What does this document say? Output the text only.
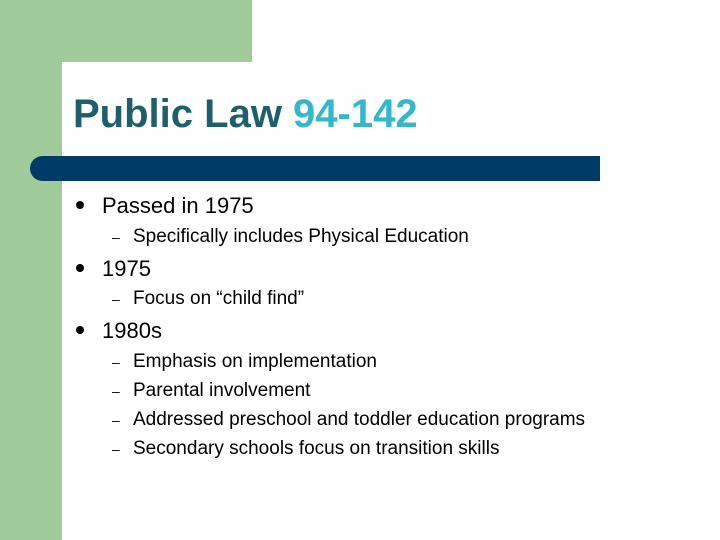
Public Law 94-142
Passed in 1975
– Specifically includes Physical Education
1975
– Focus on “child find”
1980s
– Emphasis on implementation
– Parental involvement
– Addressed preschool and toddler education programs
– Secondary schools focus on transition skills
